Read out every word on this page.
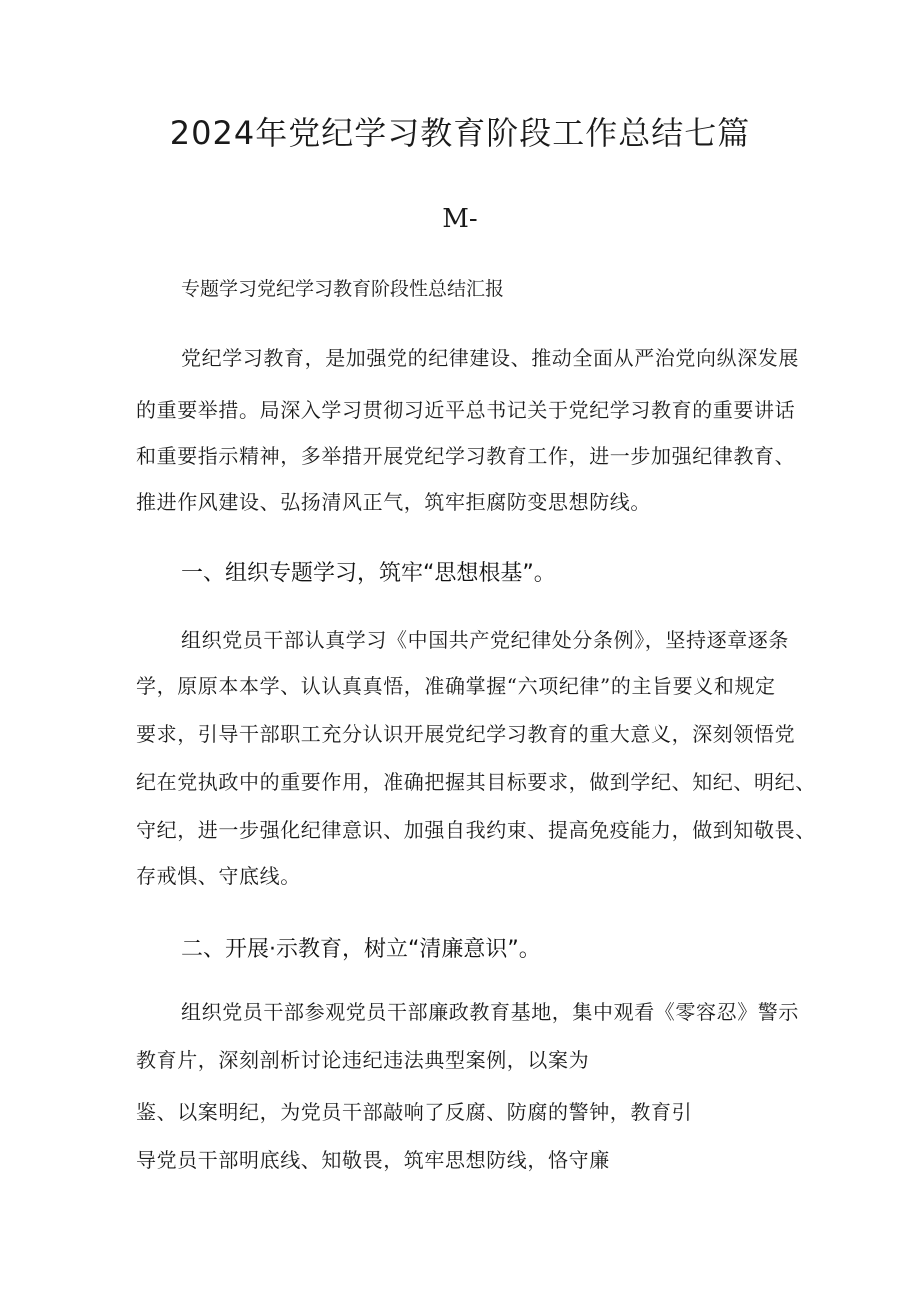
2024年党纪学习教育阶段工作总结七篇
M-
专题学习党纪学习教育阶段性总结汇报
党纪学习教育，是加强党的纪律建设、推动全面从严治党向纵深发展
的重要举措。局深入学习贯彻习近平总书记关于党纪学习教育的重要讲话
和重要指示精神，多举措开展党纪学习教育工作，进一步加强纪律教育、
推进作风建设、弘扬清风正气，筑牢拒腐防变思想防线。
一、组织专题学习，筑牢“思想根基”。
组织党员干部认真学习《中国共产党纪律处分条例》，坚持逐章逐条
学，原原本本学、认认真真悟，准确掌握“六项纪律”的主旨要义和规定
要求，引导干部职工充分认识开展党纪学习教育的重大意义，深刻领悟党
纪在党执政中的重要作用，准确把握其目标要求，做到学纪、知纪、明纪、
守纪，进一步强化纪律意识、加强自我约束、提高免疫能力，做到知敬畏、
存戒惧、守底线。
二、开展·示教育，树立“清廉意识”。
组织党员干部参观党员干部廉政教育基地，集中观看《零容忍》警示
教育片，深刻剖析讨论违纪违法典型案例，以案为
鉴、以案明纪，为党员干部敲响了反腐、防腐的警钟，教育引
导党员干部明底线、知敬畏，筑牢思想防线，恪守廉
